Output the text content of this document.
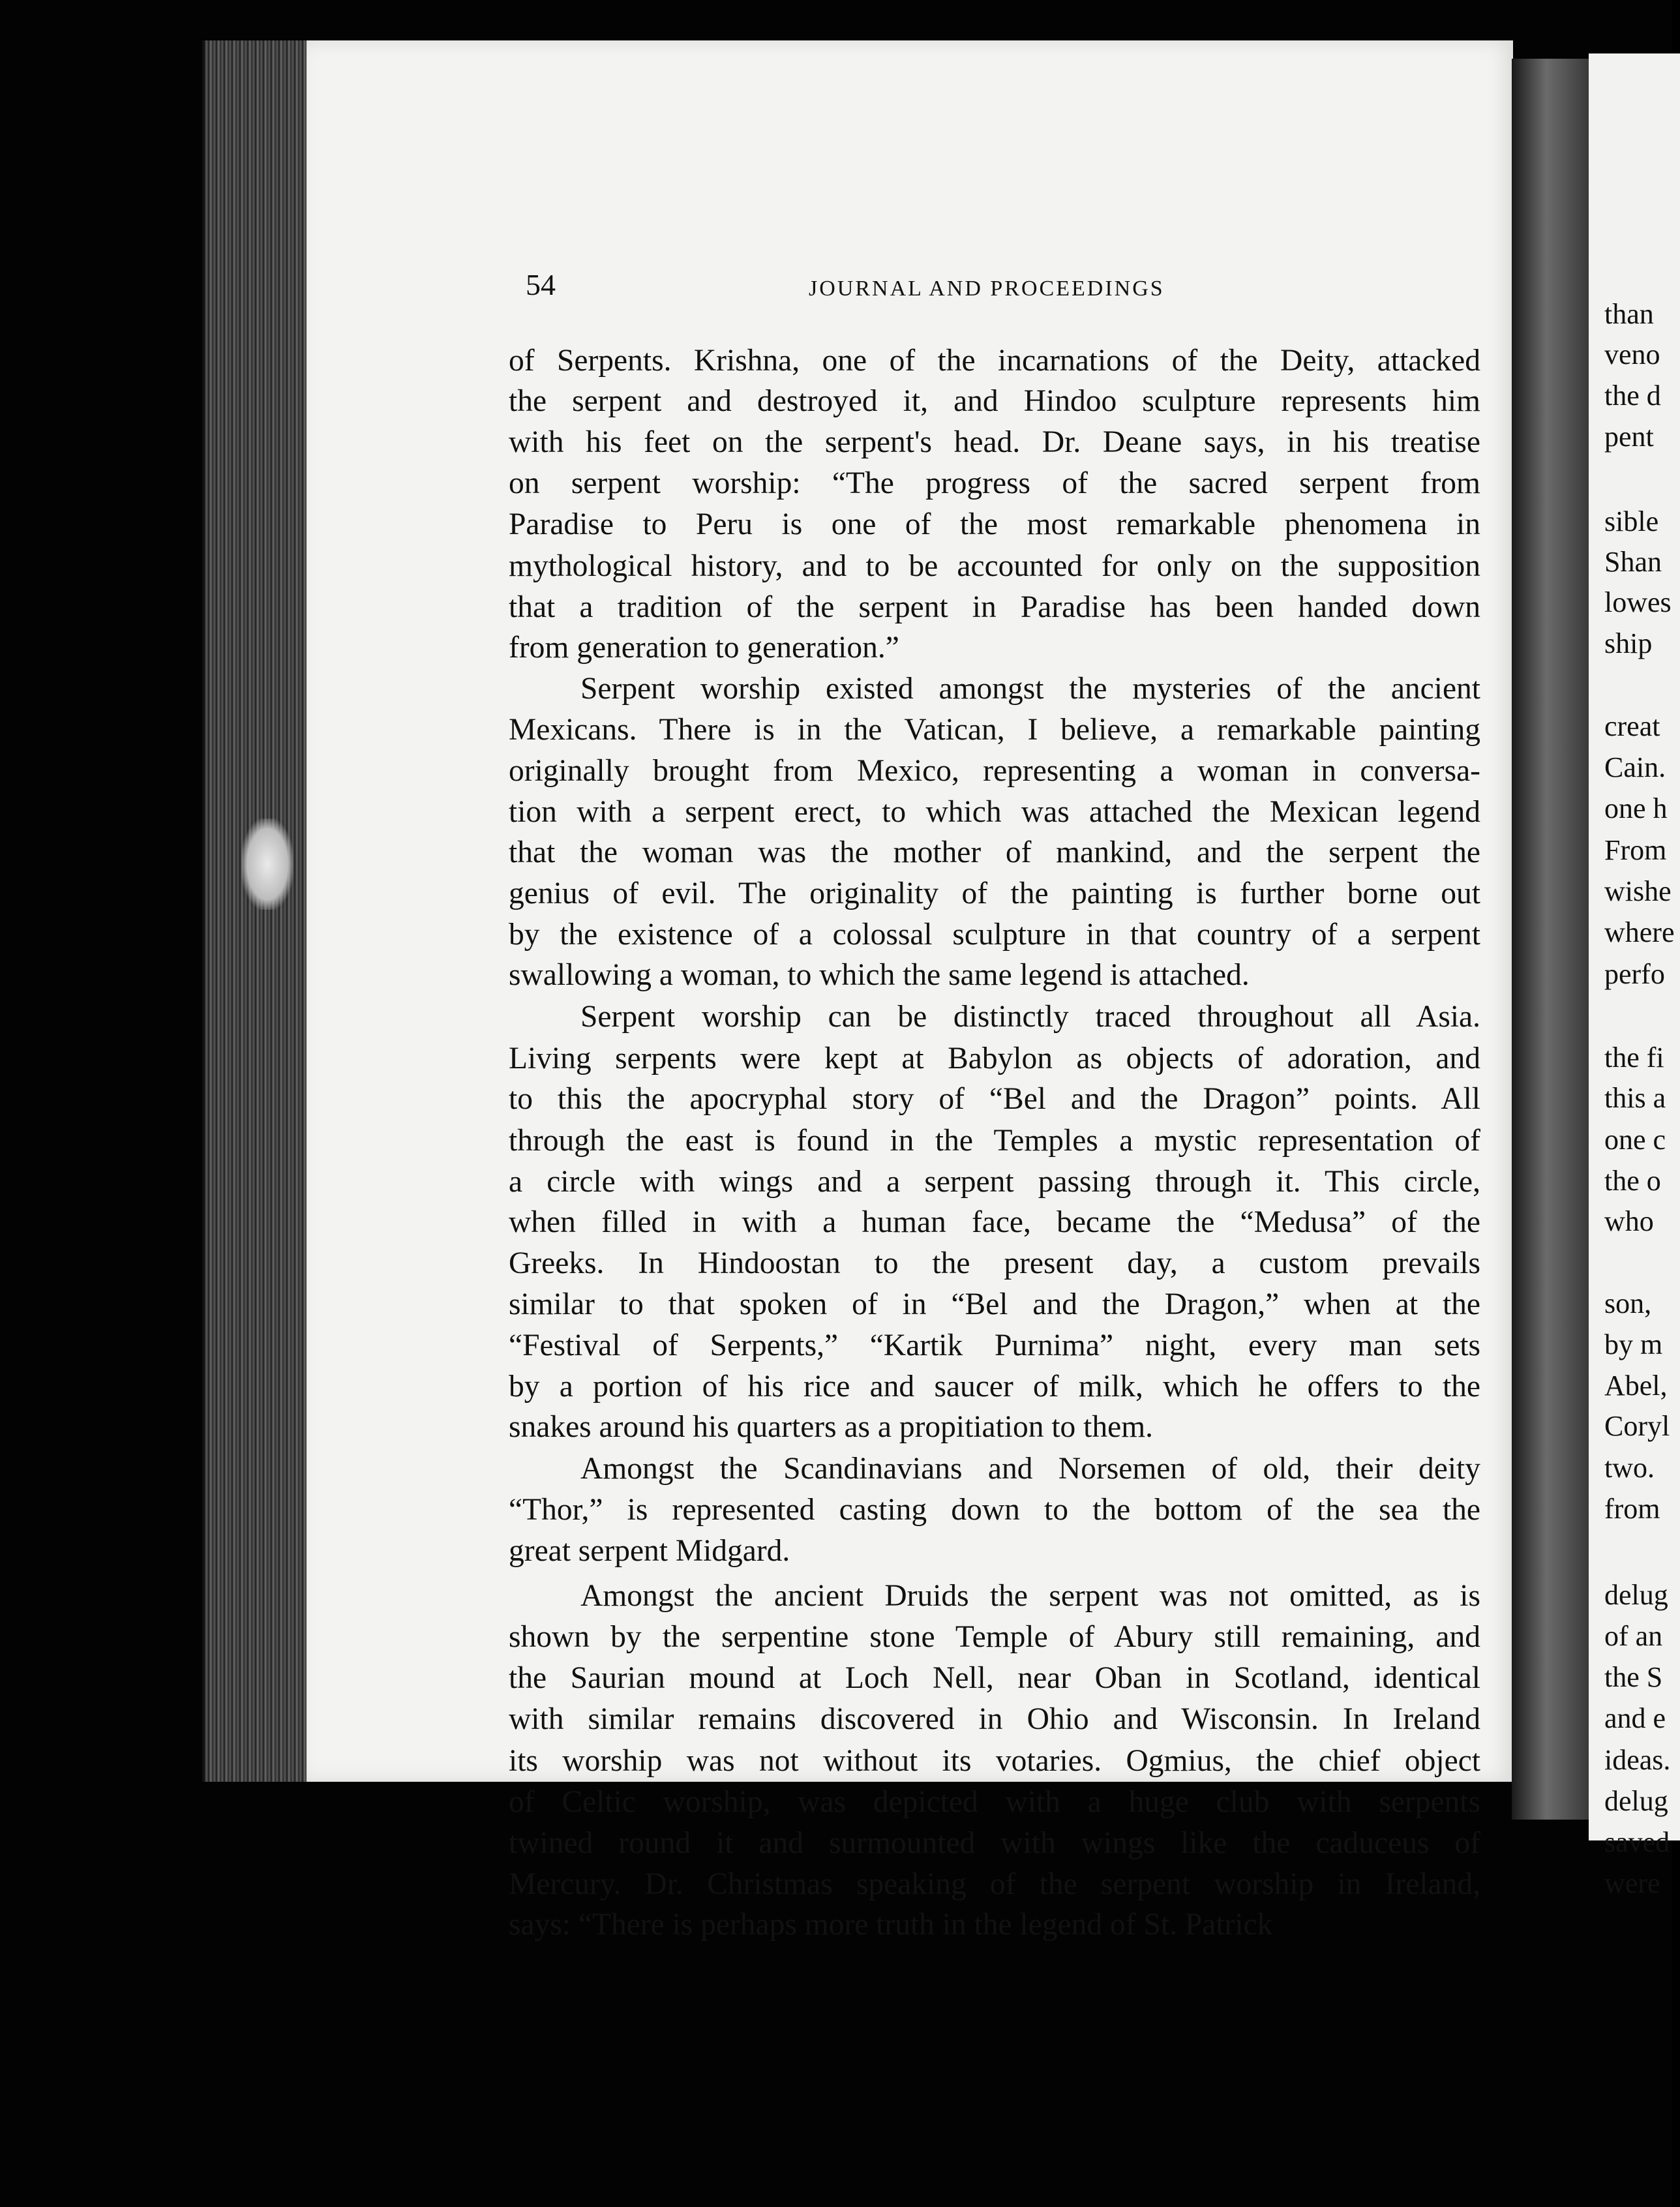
than
veno
the d
pent
sible
Shan
lowes
ship
creat
Cain.
one h
From
wishe
where
perfo
the fi
this a
one c
the o
who
son,
by m
Abel,
Coryl
two.
from
delug
of an
the S
and e
ideas.
delug
saved
were
54	JOURNAL AND PROCEEDINGS
of Serpents. Krishna, one of the incarnations of the Deity, attacked
the serpent and destroyed it, and Hindoo sculpture represents him
with his feet on the serpent's head. Dr. Deane says, in his treatise
on serpent worship: “The progress of the sacred serpent from
Paradise to Peru is one of the most remarkable phenomena in
mythological history, and to be accounted for only on the supposition
that a tradition of the serpent in Paradise has been handed down
from generation to generation.”
Serpent worship existed amongst the mysteries of the ancient
Mexicans. There is in the Vatican, I believe, a remarkable painting
originally brought from Mexico, representing a woman in conversa-
tion with a serpent erect, to which was attached the Mexican legend
that the woman was the mother of mankind, and the serpent the
genius of evil. The originality of the painting is further borne out
by the existence of a colossal sculpture in that country of a serpent
swallowing a woman, to which the same legend is attached.
Serpent worship can be distinctly traced throughout all Asia.
Living serpents were kept at Babylon as objects of adoration, and
to this the apocryphal story of “Bel and the Dragon” points. All
through the east is found in the Temples a mystic representation of
a circle with wings and a serpent passing through it. This circle,
when filled in with a human face, became the “Medusa” of the
Greeks. In Hindoostan to the present day, a custom prevails
similar to that spoken of in “Bel and the Dragon,” when at the
“Festival of Serpents,” “Kartik Purnima” night, every man sets
by a portion of his rice and saucer of milk, which he offers to the
snakes around his quarters as a propitiation to them.
Amongst the Scandinavians and Norsemen of old, their deity
“Thor,” is represented casting down to the bottom of the sea the
great serpent Midgard.
Amongst the ancient Druids the serpent was not omitted, as is
shown by the serpentine stone Temple of Abury still remaining, and
the Saurian mound at Loch Nell, near Oban in Scotland, identical
with similar remains discovered in Ohio and Wisconsin. In Ireland
its worship was not without its votaries. Ogmius, the chief object
of Celtic worship, was depicted with a huge club with serpents
twined round it and surmounted with wings like the caduceus of
Mercury. Dr. Christmas speaking of the serpent worship in Ireland,
says: “There is perhaps more truth in the legend of St. Patrick
